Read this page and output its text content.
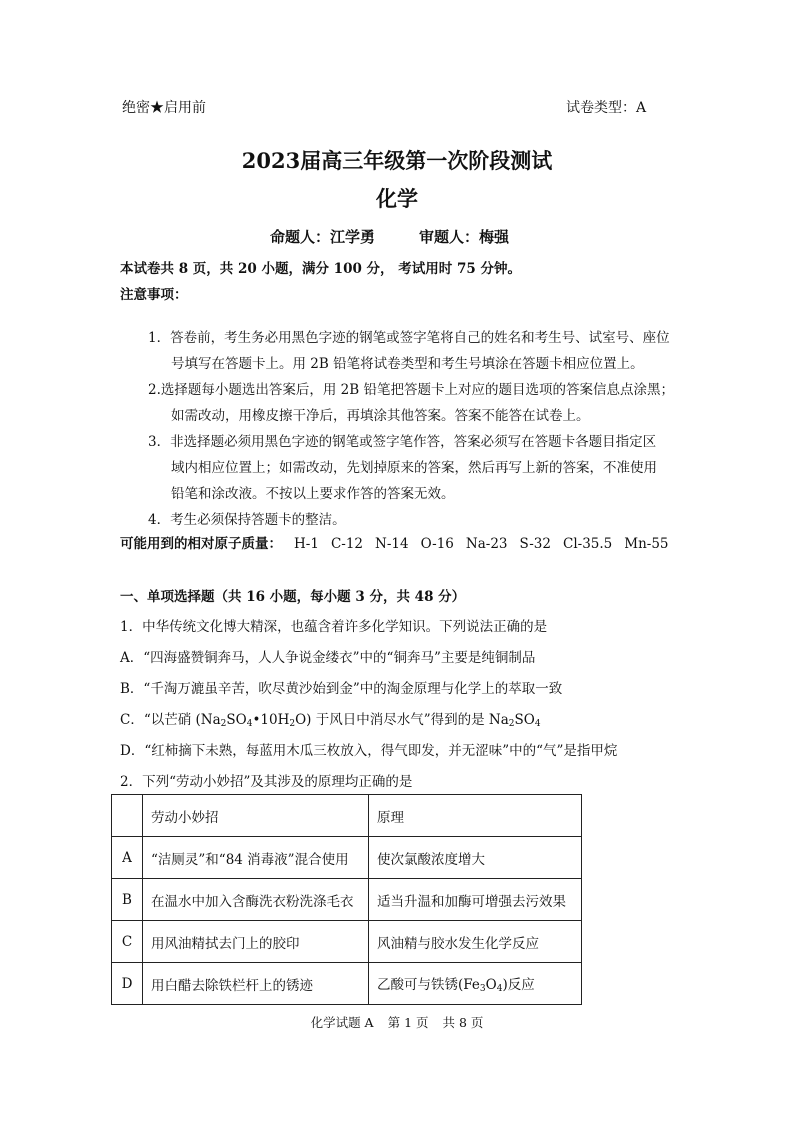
绝密★启用前	试卷类型：A
2023届高三年级第一次阶段测试
化学
命题人：江学勇	审题人：梅强
本试卷共 8 页，共 20 小题，满分 100 分， 考试用时 75 分钟。
注意事项：
1．答卷前，考生务必用黑色字迹的钢笔或签字笔将自己的姓名和考生号、试室号、座位
号填写在答题卡上。用 2B 铅笔将试卷类型和考生号填涂在答题卡相应位置上。
2.选择题每小题选出答案后，用 2B 铅笔把答题卡上对应的题目选项的答案信息点涂黑；
如需改动，用橡皮擦干净后，再填涂其他答案。答案不能答在试卷上。
3．非选择题必须用黑色字迹的钢笔或签字笔作答，答案必须写在答题卡各题目指定区
域内相应位置上；如需改动，先划掉原来的答案，然后再写上新的答案，不准使用
铅笔和涂改液。不按以上要求作答的答案无效。
4．考生必须保持答题卡的整洁。
可能用到的相对原子质量： H-1 C-12 N-14 O-16 Na-23 S-32 Cl-35.5 Mn-55
一、单项选择题（共 16 小题，每小题 3 分，共 48 分）
1．中华传统文化博大精深，也蕴含着许多化学知识。下列说法正确的是
A．“四海盛赞铜奔马，人人争说金缕衣”中的“铜奔马”主要是纯铜制品
B．“千淘万漉虽辛苦，吹尽黄沙始到金”中的淘金原理与化学上的萃取一致
C．“以芒硝 $(Na_2SO_4•10H_2O)$ 于风日中消尽水气”得到的是 $Na_2SO_4$
D．“红柿摘下未熟，每蓝用木瓜三枚放入，得气即发，并无涩味”中的“气”是指甲烷
2．下列“劳动小妙招”及其涉及的原理均正确的是
	劳动小妙招	原理
A	“洁厕灵”和“84 消毒液”混合使用	使次氯酸浓度增大
B	在温水中加入含酶洗衣粉洗涤毛衣	适当升温和加酶可增强去污效果
C	用风油精拭去门上的胶印	风油精与胶水发生化学反应
D	用白醋去除铁栏杆上的锈迹	乙酸可与铁锈$(Fe_3O_4)$反应
化学试题 A 第 1 页 共 8 页
